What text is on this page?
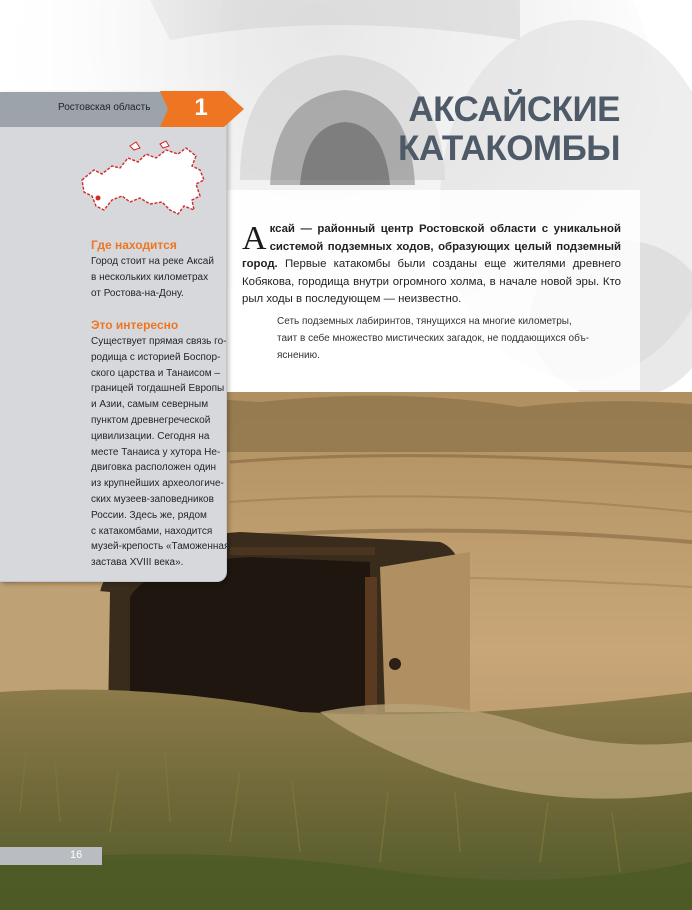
Ростовская область 1
Где находится
Город стоит на реке Аксай
в нескольких километрах
от Ростова-на-Дону.
Это интересно
Существует прямая связь го-
родища с историей Боспор-
ского царства и Танаисом –
границей тогдашней Европы
и Азии, самым северным
пунктом древнегреческой
цивилизации. Сегодня на
месте Танаиса у хутора Не-
двиговка расположен один
из крупнейших археологиче-
ских музеев-заповедников
России. Здесь же, рядом
с катакомбами, находится
музей-крепость «Таможенная
застава XVIII века».
АКСАЙСКИЕ
КАТАКОМБЫ
Аксай — районный центр Ростовской области с уникальной системой подземных ходов, образующих целый подземный город. Первые катакомбы были созданы еще жителями древнего Кобякова, городища внутри огромного холма, в начале новой эры. Кто рыл ходы в последующем — неизвестно.
Сеть подземных лабиринтов, тянущихся на многие километры,
таит в себе множество мистических загадок, не поддающихся объ-
яснению.
16
